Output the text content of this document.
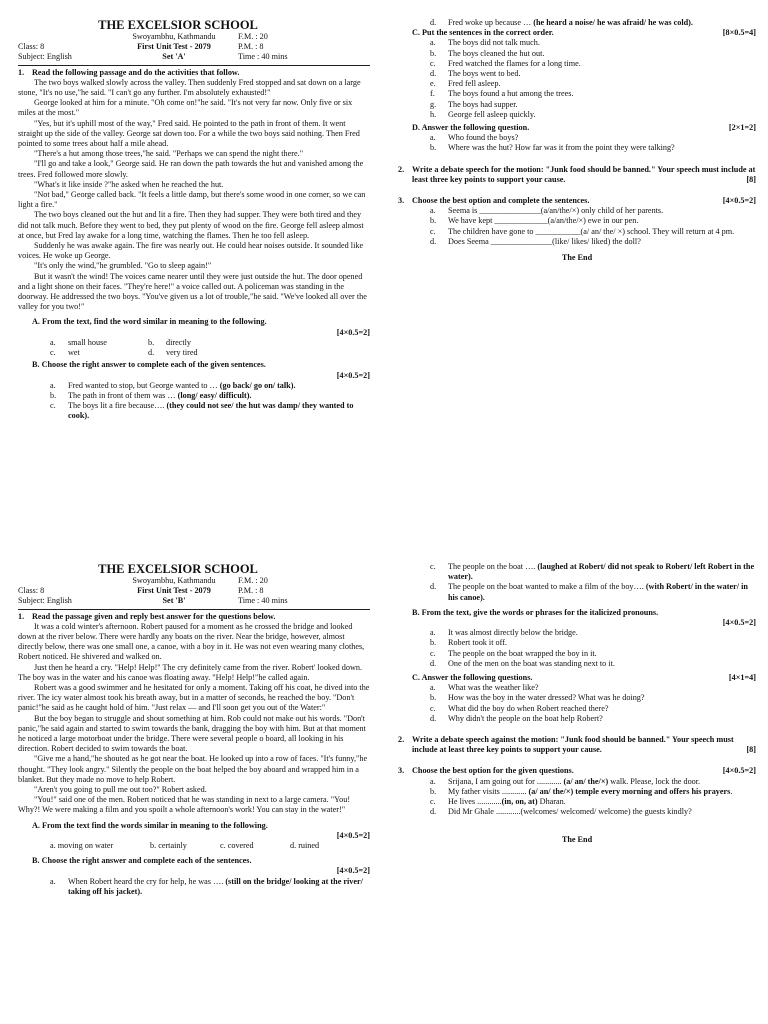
THE EXCELSIOR SCHOOL
Swoyambhu, Kathmandu	F.M. : 20
Class: 8	First Unit Test - 2079	P.M. : 8
Subject: English	Set 'A'	Time : 40 mins
1. Read the following passage and do the activities that follow.

The two boys walked slowly across the valley. Then suddenly Fred stopped and sat down on a large stone, "It's no use,"he said. "I can't go any further. I'm absolutely exhausted!"

George looked at him for a minute. "Oh come on!"he said. "It's not very far now. Only five or six miles at the most."

"Yes, but it's uphill most of the way," Fred said. He pointed to the path in front of them. It went straight up the side of the valley. George sat down too. For a while the two boys said nothing. Then Fred pointed to some trees about half a mile ahead.

"There's a hut among those trees,"he said. "Perhaps we can spend the night there."

"I'll go and take a look," George said. He ran down the path towards the hut and vanished among the trees. Fred followed more slowly.

"What's it like inside ?"he asked when he reached the hut.

"Not bad," George called back. "It feels a little damp, but there's some wood in one corner, so we can light a fire."

The two boys cleaned out the hut and lit a fire. Then they had supper. They were both tired and they did not talk much. Before they went to bed, they put plenty of wood on the fire. George fell asleep almost at once, but Fred lay awake for a long time, watching the flames. Then he too fell asleep.

Suddenly he was awake again. The fire was nearly out. He could hear noises outside. It sounded like voices. He woke up George.

"It's only the wind,"he grumbled. "Go to sleep again!"

But it wasn't the wind! The voices came nearer until they were just outside the hut. The door opened and a light shone on their faces. "They're here!" a voice called out. A policeman was standing in the doorway. He addressed the two boys. "You've given us a lot of trouble,"he said. "We've looked all over the valley for you two!"

A. From the text, find the word similar in meaning to the following.
[4×0.5=2]
a.	small house	b.	directly
c.	wet	d.	very tired
B. Choose the right answer to complete each of the given sentences.
[4×0.5=2]
a.	Fred wanted to stop, but George wanted to … (go back/ go on/ talk).
b.	The path in front of them was … (long/ easy/ difficult).
c.	The boys lit a fire because…. (they could not see/ the hut was damp/ they wanted to cook).
d.	Fred woke up because … (he heard a noise/ he was afraid/ he was cold).
C. Put the sentences in the correct order.	[8×0.5=4]
a.	The boys did not talk much.
b.	The boys cleaned the hut out.
c.	Fred watched the flames for a long time.
d.	The boys went to bed.
e.	Fred fell asleep.
f.	The boys found a hut among the trees.
g.	The boys had supper.
h.	George fell asleep quickly.
D. Answer the following question.	[2×1=2]
a.	Who found the boys?
b.	Where was the hut? How far was it from the point they were talking?
2. Write a debate speech for the motion: "Junk food should be banned." Your speech must include at least three key points to support your cause.	[8]
3. Choose the best option and complete the sentences.	[4×0.5=2]
a.	Seema is _______________(a/an/the/×) only child of her parents.
b.	We have kept _____________(a/an/the/×) ewe in our pen.
c.	The children have gone to ___________(a/ an/ the/ ×) school. They will return at 4 pm.
d.	Does Seema _______________(like/ likes/ liked) the doll?
The End
THE EXCELSIOR SCHOOL
Swoyambhu, Kathmandu	F.M. : 20
Class: 8	First Unit Test - 2079	P.M. : 8
Subject: English	Set 'B'	Time : 40 mins
1. Read the passage given and reply best answer for the questions below.

It was a cold winter's afternoon. Robert paused for a moment as he crossed the bridge and looked down at the river below. There were hardly any boats on the river. Near the bridge, however, almost directly below, there was one small one, a canoe, with a boy in it. He was not even wearing many clothes, Robert noticed. He shivered and walked on.

Just then he heard a cry. "Help! Help!" The cry definitely came from the river. Robert' looked down. The boy was in the water and his canoe was floating away. "Help! Help!"he called again.

Robert was a good swimmer and he hesitated for only a moment. Taking off his coat, he dived into the river. The icy water almost took his breath away, but in a matter of seconds, he reached the boy. "Don't panic!"he said as he caught hold of him. "Just relax — and I'll soon get you out of the Water:"

But the boy began to struggle and shout something at him. Rob could not make out his words. "Don't panic,"he said again and started to swim towards the bank, dragging the boy with him. But at that moment he noticed a large motorboat under the bridge. There were several people o board, all looking in his direction. Robert decided to swim towards the boat.

"Give me a hand,"he shouted as he got near the boat. He looked up into a row of faces. "It's funny,"he thought. "They look angry." Silently the people on the boat helped the boy aboard and wrapped him in a blanket. But they made no move to help Robert.

"Aren't you going to pull me out too?" Robert asked.

"You!" said one of the men. Robert noticed that he was standing in next to a large camera. "You! Why?! We were making a film and you spoilt a whole afternoon's work! You can stay in the water!"

A. From the text find the words similar in meaning to the following.
[4×0.5=2]
a. moving on water	b. certainly	c. covered	d. ruined
B. Choose the right answer and complete each of the sentences.
[4×0.5=2]
a.	When Robert heard the cry for help, he was …. (still on the bridge/ looking at the river/ taking off his jacket).
c.	The people on the boat …. (laughed at Robert/ did not speak to Robert/ left Robert in the water).
d.	The people on the boat wanted to make a film of the boy…. (with Robert/ in the water/ in his canoe).
B. From the text, give the words or phrases for the italicized pronouns.
[4×0.5=2]
a.	It was almost directly below the bridge.
b.	Robert took it off.
c.	The people on the boat wrapped the boy in it.
d.	One of the men on the boat was standing next to it.
C. Answer the following questions.	[4×1=4]
a.	What was the weather like?
b.	How was the boy in the water dressed? What was he doing?
c.	What did the boy do when Robert reached there?
d.	Why didn't the people on the boat help Robert?
2. Write a debate speech against the motion: "Junk food should be banned." Your speech must include at least three key points to support your cause.	[8]
3. Choose the best option for the given questions.	[4×0.5=2]
a.	Srijana, I am going out for ............ (a/ an/ the/×) walk. Please, lock the door.
b.	My father visits ............ (a/ an/ the/×) temple every morning and offers his prayers.
c.	He lives ............(in, on, at) Dharan.
d.	Did Mr Ghale ............(welcomes/ welcomed/ welcome) the guests kindly?
The End
